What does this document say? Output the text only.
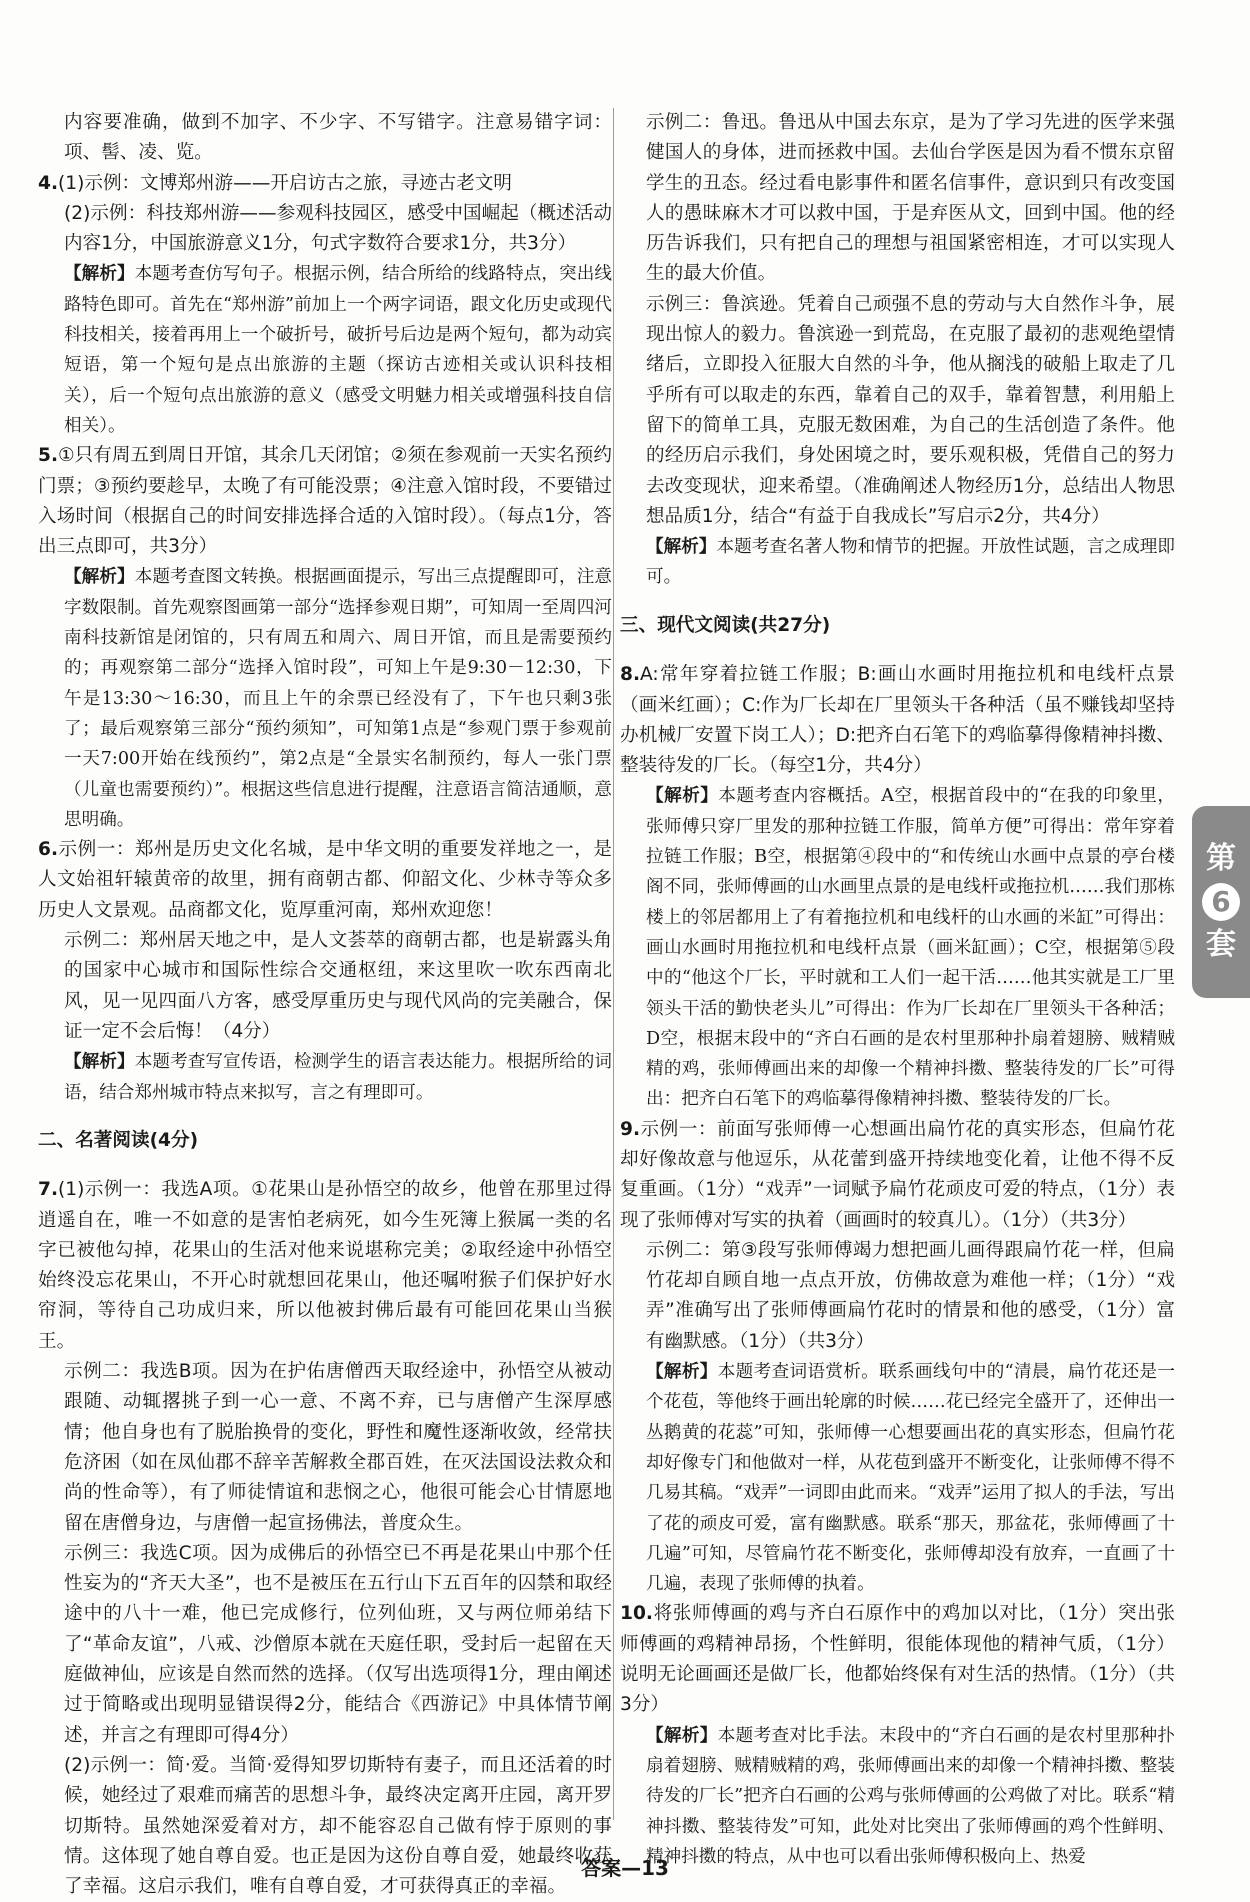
内容要准确，做到不加字、不少字、不写错字。注意易错字词：项、髻、凌、览。

4.(1)示例：文博郑州游——开启访古之旅，寻迹古老文明

(2)示例：科技郑州游——参观科技园区，感受中国崛起（概述活动内容1分，中国旅游意义1分，句式字数符合要求1分，共3分）

【解析】本题考查仿写句子。根据示例，结合所给的线路特点，突出线路特色即可。首先在“郑州游”前加上一个两字词语，跟文化历史或现代科技相关，接着再用上一个破折号，破折号后边是两个短句，都为动宾短语，第一个短句是点出旅游的主题（探访古迹相关或认识科技相关），后一个短句点出旅游的意义（感受文明魅力相关或增强科技自信相关）。

5.①只有周五到周日开馆，其余几天闭馆；②须在参观前一天实名预约门票；③预约要趁早，太晚了有可能没票；④注意入馆时段，不要错过入场时间（根据自己的时间安排选择合适的入馆时段）。（每点1分，答出三点即可，共3分）

【解析】本题考查图文转换。根据画面提示，写出三点提醒即可，注意字数限制。首先观察图画第一部分“选择参观日期”，可知周一至周四河南科技新馆是闭馆的，只有周五和周六、周日开馆，而且是需要预约的；再观察第二部分“选择入馆时段”，可知上午是9:30－12:30，下午是13:30～16:30，而且上午的余票已经没有了，下午也只剩3张了；最后观察第三部分“预约须知”，可知第1点是“参观门票于参观前一天7:00开始在线预约”，第2点是“全景实名制预约，每人一张门票（儿童也需要预约）”。根据这些信息进行提醒，注意语言简洁通顺，意思明确。

6.示例一：郑州是历史文化名城，是中华文明的重要发祥地之一，是人文始祖轩辕黄帝的故里，拥有商朝古都、仰韶文化、少林寺等众多历史人文景观。品商都文化，览厚重河南，郑州欢迎您！

示例二：郑州居天地之中，是人文荟萃的商朝古都，也是崭露头角的国家中心城市和国际性综合交通枢纽，来这里吹一吹东西南北风，见一见四面八方客，感受厚重历史与现代风尚的完美融合，保证一定不会后悔！（4分）

【解析】本题考查写宣传语，检测学生的语言表达能力。根据所给的词语，结合郑州城市特点来拟写，言之有理即可。

二、名著阅读(4分)

7.(1)示例一：我选A项。①花果山是孙悟空的故乡，他曾在那里过得逍遥自在，唯一不如意的是害怕老病死，如今生死簿上猴属一类的名字已被他勾掉，花果山的生活对他来说堪称完美；②取经途中孙悟空始终没忘花果山，不开心时就想回花果山，他还嘱咐猴子们保护好水帘洞，等待自己功成归来，所以他被封佛后最有可能回花果山当猴王。

示例二：我选B项。因为在护佑唐僧西天取经途中，孙悟空从被动跟随、动辄撂挑子到一心一意、不离不弃，已与唐僧产生深厚感情；他自身也有了脱胎换骨的变化，野性和魔性逐渐收敛，经常扶危济困（如在凤仙郡不辞辛苦解救全郡百姓，在灭法国设法救众和尚的性命等），有了师徒情谊和悲悯之心，他很可能会心甘情愿地留在唐僧身边，与唐僧一起宣扬佛法，普度众生。

示例三：我选C项。因为成佛后的孙悟空已不再是花果山中那个任性妄为的“齐天大圣”，也不是被压在五行山下五百年的囚禁和取经途中的八十一难，他已完成修行，位列仙班，又与两位师弟结下了“革命友谊”，八戒、沙僧原本就在天庭任职，受封后一起留在天庭做神仙，应该是自然而然的选择。（仅写出选项得1分，理由阐述过于简略或出现明显错误得2分，能结合《西游记》中具体情节阐述，并言之有理即可得4分）

(2)示例一：简·爱。当简·爱得知罗切斯特有妻子，而且还活着的时候，她经过了艰难而痛苦的思想斗争，最终决定离开庄园，离开罗切斯特。虽然她深爱着对方，却不能容忍自己做有悖于原则的事情。这体现了她自尊自爱。也正是因为这份自尊自爱，她最终收获了幸福。这启示我们，唯有自尊自爱，才可获得真正的幸福。

示例二：鲁迅。鲁迅从中国去东京，是为了学习先进的医学来强健国人的身体，进而拯救中国。去仙台学医是因为看不惯东京留学生的丑态。经过看电影事件和匿名信事件，意识到只有改变国人的愚昧麻木才可以救中国，于是弃医从文，回到中国。他的经历告诉我们，只有把自己的理想与祖国紧密相连，才可以实现人生的最大价值。

示例三：鲁滨逊。凭着自己顽强不息的劳动与大自然作斗争，展现出惊人的毅力。鲁滨逊一到荒岛，在克服了最初的悲观绝望情绪后，立即投入征服大自然的斗争，他从搁浅的破船上取走了几乎所有可以取走的东西，靠着自己的双手，靠着智慧，利用船上留下的简单工具，克服无数困难，为自己的生活创造了条件。他的经历启示我们，身处困境之时，要乐观积极，凭借自己的努力去改变现状，迎来希望。（准确阐述人物经历1分，总结出人物思想品质1分，结合“有益于自我成长”写启示2分，共4分）

【解析】本题考查名著人物和情节的把握。开放性试题，言之成理即可。

三、现代文阅读(共27分)

8.A:常年穿着拉链工作服；B:画山水画时用拖拉机和电线杆点景（画米红画）；C:作为厂长却在厂里领头干各种活（虽不赚钱却坚持办机械厂安置下岗工人）；D:把齐白石笔下的鸡临摹得像精神抖擞、整装待发的厂长。（每空1分，共4分）

【解析】本题考查内容概括。A空，根据首段中的“在我的印象里，张师傅只穿厂里发的那种拉链工作服，简单方便”可得出：常年穿着拉链工作服；B空，根据第④段中的“和传统山水画中点景的亭台楼阁不同，张师傅画的山水画里点景的是电线杆或拖拉机……我们那栋楼上的邻居都用上了有着拖拉机和电线杆的山水画的米缸”可得出：画山水画时用拖拉机和电线杆点景（画米缸画）；C空，根据第⑤段中的“他这个厂长，平时就和工人们一起干活……他其实就是工厂里领头干活的勤快老头儿”可得出：作为厂长却在厂里领头干各种活；D空，根据末段中的“齐白石画的是农村里那种扑扇着翅膀、贼精贼精的鸡，张师傅画出来的却像一个精神抖擞、整装待发的厂长”可得出：把齐白石笔下的鸡临摹得像精神抖擞、整装待发的厂长。

9.示例一：前面写张师傅一心想画出扁竹花的真实形态，但扁竹花却好像故意与他逗乐，从花蕾到盛开持续地变化着，让他不得不反复重画。（1分）“戏弄”一词赋予扁竹花顽皮可爱的特点，（1分）表现了张师傅对写实的执着（画画时的较真儿）。（1分）（共3分）

示例二：第③段写张师傅竭力想把画儿画得跟扁竹花一样，但扁竹花却自顾自地一点点开放，仿佛故意为难他一样；（1分）“戏弄”准确写出了张师傅画扁竹花时的情景和他的感受，（1分）富有幽默感。（1分）（共3分）

【解析】本题考查词语赏析。联系画线句中的“清晨，扁竹花还是一个花苞，等他终于画出轮廓的时候……花已经完全盛开了，还伸出一丛鹅黄的花蕊”可知，张师傅一心想要画出花的真实形态，但扁竹花却好像专门和他做对一样，从花苞到盛开不断变化，让张师傅不得不几易其稿。“戏弄”一词即由此而来。“戏弄”运用了拟人的手法，写出了花的顽皮可爱，富有幽默感。联系“那天，那盆花，张师傅画了十几遍”可知，尽管扁竹花不断变化，张师傅却没有放弃，一直画了十几遍，表现了张师傅的执着。

10.将张师傅画的鸡与齐白石原作中的鸡加以对比，（1分）突出张师傅画的鸡精神昂扬，个性鲜明，很能体现他的精神气质，（1分）说明无论画画还是做厂长，他都始终保有对生活的热情。（1分）（共3分）

【解析】本题考查对比手法。末段中的“齐白石画的是农村里那种扑扇着翅膀、贼精贼精的鸡，张师傅画出来的却像一个精神抖擞、整装待发的厂长”把齐白石画的公鸡与张师傅画的公鸡做了对比。联系“精神抖擞、整装待发”可知，此处对比突出了张师傅画的鸡个性鲜明、精神抖擞的特点，从中也可以看出张师傅积极向上、热爱

第
6
套
答案—13
